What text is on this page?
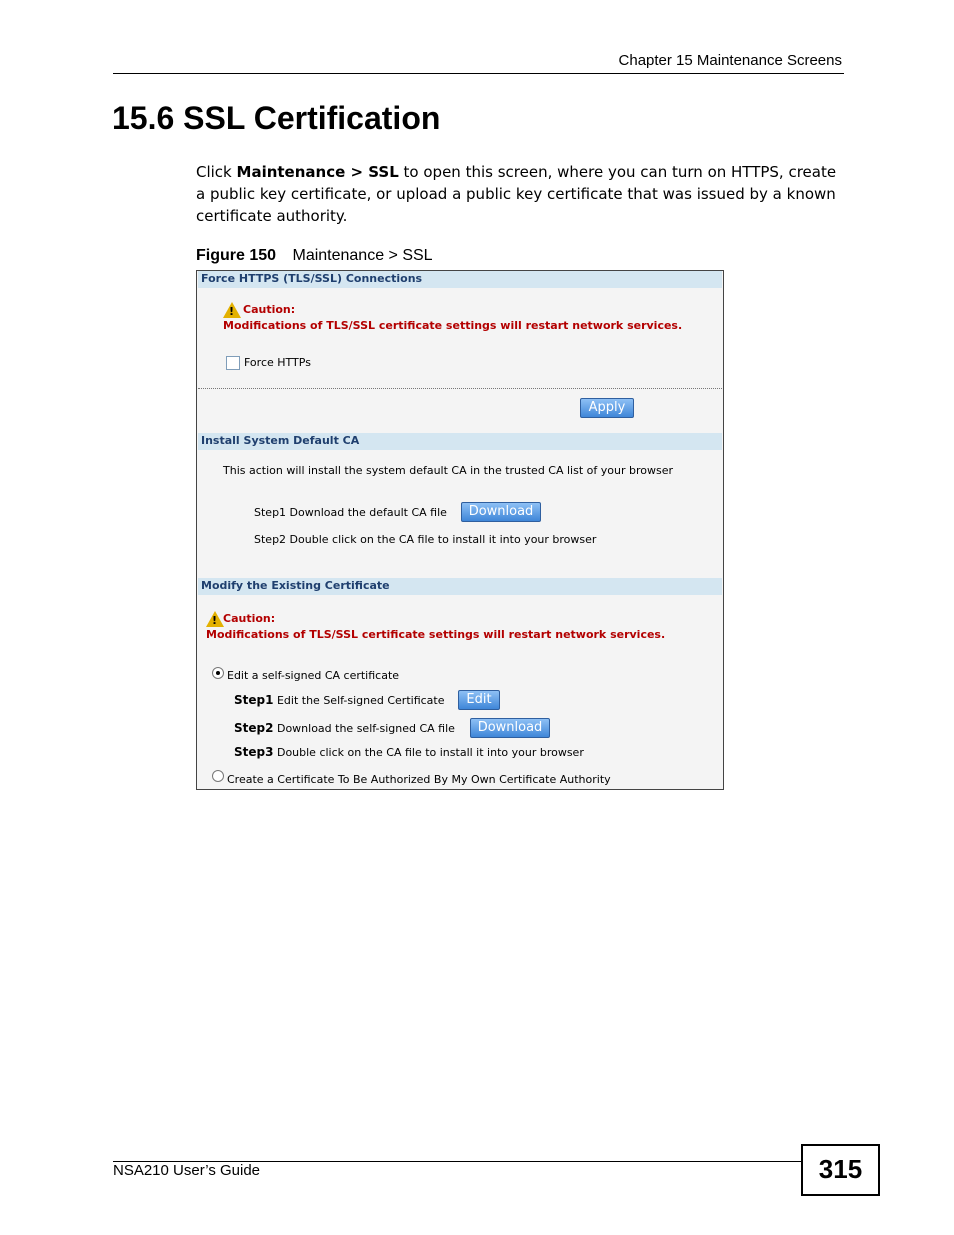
Chapter 15 Maintenance Screens
15.6 SSL Certification
Click Maintenance > SSL to open this screen, where you can turn on HTTPS, create a public key certificate, or upload a public key certificate that was issued by a known certificate authority.
Figure 150 Maintenance > SSL
Force HTTPS (TLS/SSL) Connections
!
Caution:
Modifications of TLS/SSL certificate settings will restart network services.
Force HTTPs
Apply
Install System Default CA
This action will install the system default CA in the trusted CA list of your browser
Step1 Download the default CA file	Download
Step2 Double click on the CA file to install it into your browser
Modify the Existing Certificate
!
Caution:
Modifications of TLS/SSL certificate settings will restart network services.
Edit a self-signed CA certificate
Step1 Edit the Self-signed Certificate	Edit
Step2 Download the self-signed CA file	Download
Step3 Double click on the CA file to install it into your browser
Create a Certificate To Be Authorized By My Own Certificate Authority
NSA210 User’s Guide	315
